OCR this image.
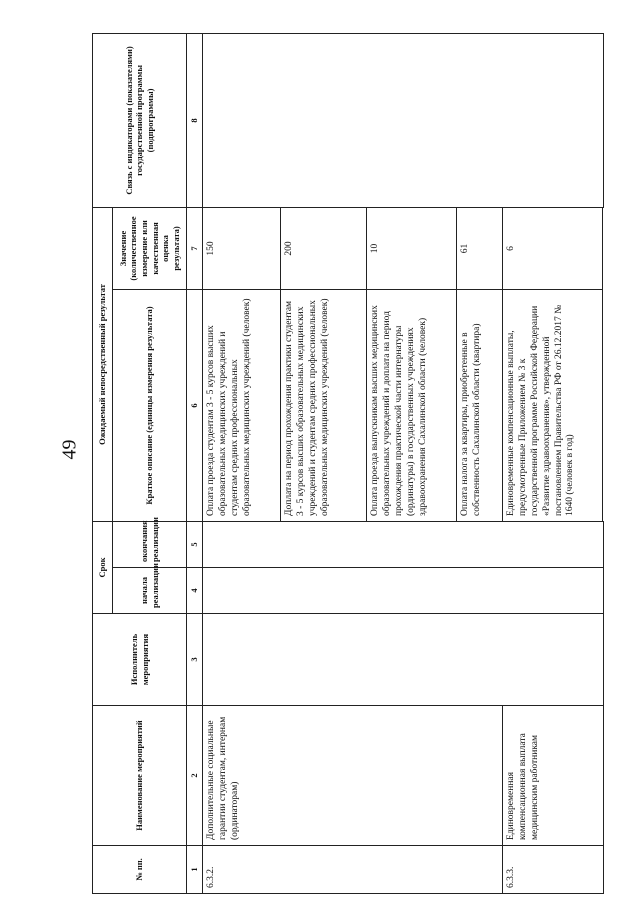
49
№ пп.	Наименование мероприятий	Исполнитель мероприятия	Срок		Ожидаемый непосредственный результат		Связь с индикаторами (показателями) государственной программы (подпрограммы)
			начала реализации	окончания реализации	Краткое описание (единицы измерения результата)	Значение (количественное измерение или качественная оценка результата)	
1	2	3	4	5	6	7	8
6.3.2.	Дополнительные социальные гарантии студентам, интернам (ординаторам)				Оплата проезда студентам 3 - 5 курсов высших образовательных медицинских учреждений и студентам средних профессиональных образовательных медицинских учреждений (человек)	150	
					Доплата на период прохождения практики студентам 3 - 5 курсов высших образовательных медицинских учреждений и студентам средних профессиональных образовательных медицинских учреждений (человек)	200	
					Оплата проезда выпускникам высших медицинских образовательных учреждений и доплата на период прохождения практической части интернатуры (ординатуры) в государственных учреждениях здравоохранения Сахалинской области (человек)	10	
					Оплата налога за квартиры, приобретенные в собственность Сахалинской области (квартира)	61	
6.3.3.	Единовременная компенсационная выплата медицинским работникам				Единовременные компенсационные выплаты, предусмотренные Приложением № 3 к государственной программе Российской Федерации «Развитие здравоохранения», утвержденной постановлением Правительства РФ от 26.12.2017 № 1640 (человек в год)	6	
